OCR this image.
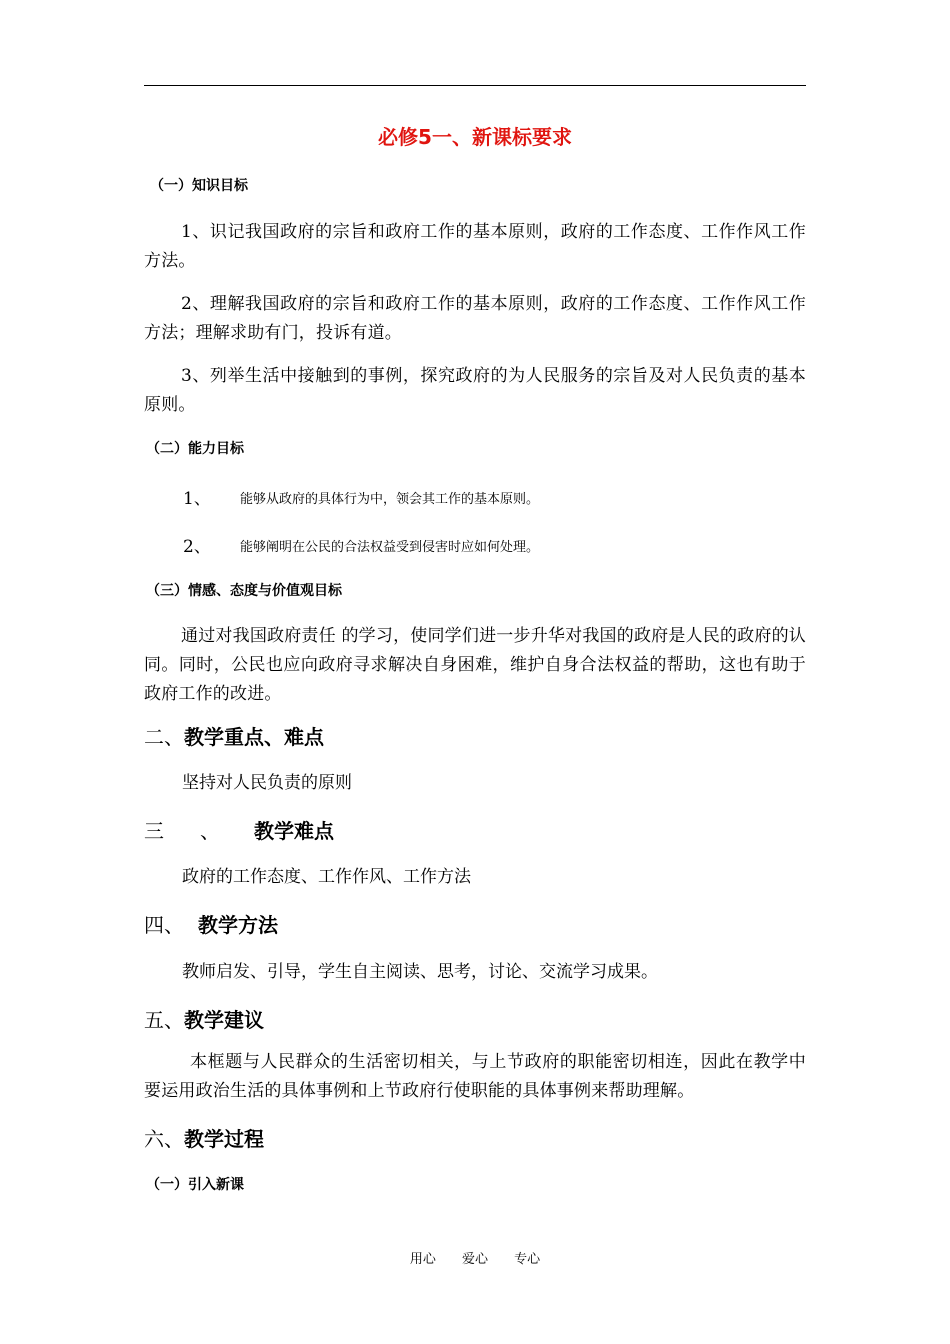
必修5一、新课标要求
（一）知识目标
1、识记我国政府的宗旨和政府工作的基本原则，政府的工作态度、工作作风工作方法。
2、理解我国政府的宗旨和政府工作的基本原则，政府的工作态度、工作作风工作方法；理解求助有门，投诉有道。
3、列举生活中接触到的事例，探究政府的为人民服务的宗旨及对人民负责的基本原则。
（二）能力目标
1、 能够从政府的具体行为中，领会其工作的基本原则。
2、 能够阐明在公民的合法权益受到侵害时应如何处理。
（三）情感、态度与价值观目标
通过对我国政府责任 的学习，使同学们进一步升华对我国的政府是人民的政府的认同。同时，公民也应向政府寻求解决自身困难，维护自身合法权益的帮助，这也有助于政府工作的改进。
二、教学重点、难点
坚持对人民负责的原则
三 、 教学难点
政府的工作态度、工作作风、工作方法
四、 教学方法
教师启发、引导，学生自主阅读、思考，讨论、交流学习成果。
五、教学建议
本框题与人民群众的生活密切相关，与上节政府的职能密切相连，因此在教学中要运用政治生活的具体事例和上节政府行使职能的具体事例来帮助理解。
六、教学过程
（一）引入新课
用心 爱心 专心
